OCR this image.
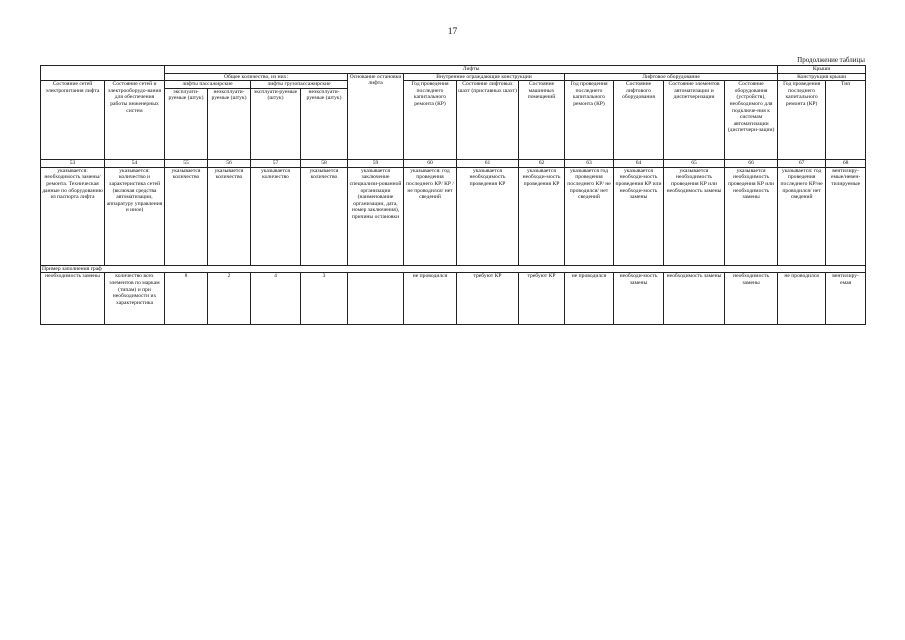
17
Продолжение таблицы
		Лифты												Крыши	
		Общее количество, из них:				Основание остановки лифта	Внутренние ограждающие конструкции			Лифтовое оборудование				Конструкция крыши	
Состояние сетей электропитания лифта	Состояние сетей и электрооборудо-вания для обеспечения работы инженерных систем	лифты пассажирские		лифты грузопассажирские			Год проведения последнего капитального ремонта (КР)	Состояние лифтовых шахт (приставных шахт)	Состояние машинных помещений	Год проведения последнего капитального ремонта (КР)	Состояние лифтового оборудования	Состояние элементов автоматизации и диспетчеризации	Состояние оборудования (устройств), необходимого для подключе-ния к системам автоматизации (диспетчери-зации)	Год проведения последнего капитального ремонта (КР)	Тип
		эксплуати-руемые (штук)	неэксплуати-руемые (штук)	эксплуати-руемые (штук)	неэксплуати-руемые (штук)										
53	54	55	56	57	58	59	60	61	62	63	64	65	66	67	68
указывается: необходимость замены/ремонта. Техническая данные по оборудованию из паспорта лифта	указывается: количество и характеристика сетей (включая средства автоматизации, аппаратуру управления и иное)	указывается количество	указывается количество	указывается количество	указывается количество	указывается заключение специализи-рованной организации (наименование организации, дата, номер заключения), причины остановки	указывается: год проведения последнего КР/ КР / не проводился/ нет сведений	указывается необходимость проведения КР	указывается необходи-мость проведения КР	указывается год проведения последнего КР/ не проводился/ нет сведений	указывается необходи-мость проведения КР или необходи-мость замены	указывается необходимость проведения КР или необходимость замены	указывается необходимость проведения КР или необходимость замены	указывается: год проведения последнего КР/не проводился/ нет сведений	вентилиру-емые/невен-тилируемые
Пример заполнения граф															
необходимость замены	количество всех элементов по маркам (типам) и при необходимости их характеристика	8	2	4	3		не проводился	требуют КР	требуют КР	не проводился	необходи-мость замены	необходимость замены	необходимость замены	не проводился	вентилиру-емая
